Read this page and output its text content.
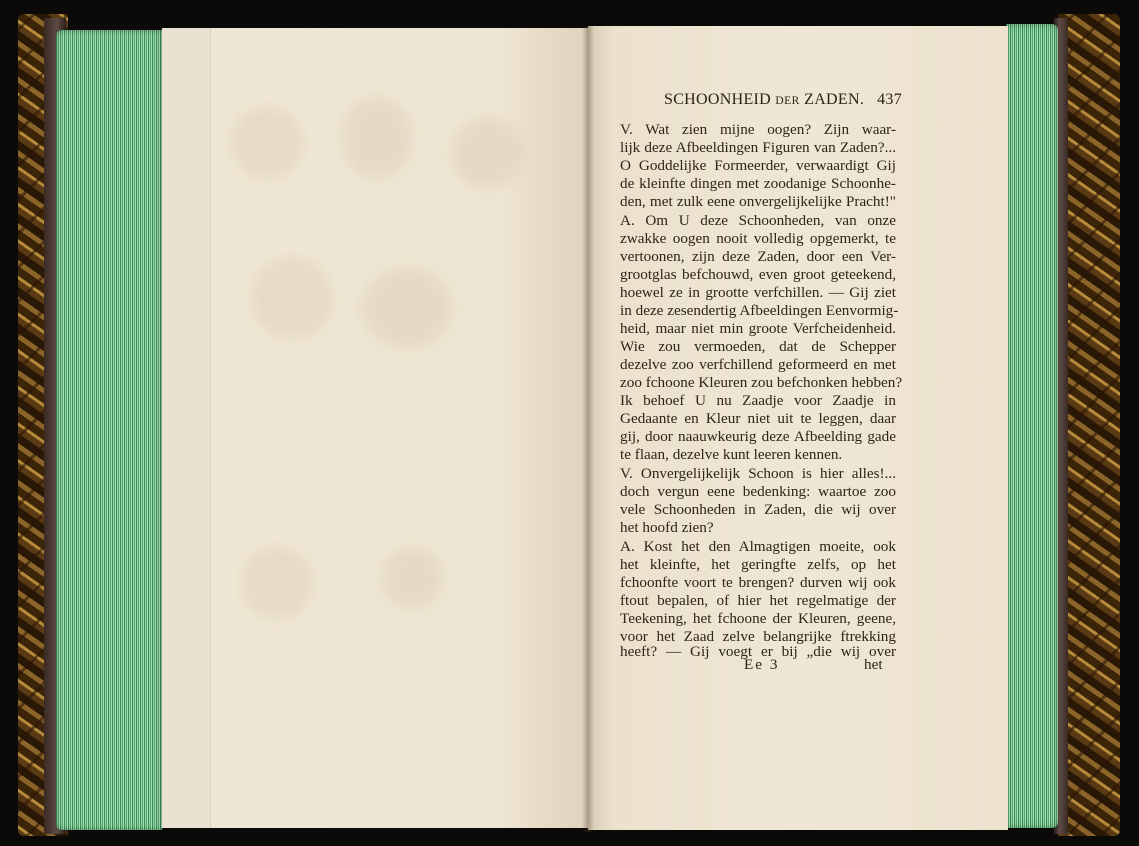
SCHOONHEID DER ZADEN. 437
V. Wat zien mijne oogen? Zijn waar-
lijk deze Afbeeldingen Figuren van Zaden?...
O Goddelijke Formeerder, verwaardigt Gij
de kleinfte dingen met zoodanige Schoonhe-
den, met zulk eene onvergelijkelijke Pracht!"
A. Om U deze Schoonheden, van onze
zwakke oogen nooit volledig opgemerkt, te
vertoonen, zijn deze Zaden, door een Ver-
grootglas befchouwd, even groot geteekend,
hoewel ze in grootte verfchillen. — Gij ziet
in deze zesendertig Afbeeldingen Eenvormig-
heid, maar niet min groote Verfcheidenheid.
Wie zou vermoeden, dat de Schepper
dezelve zoo verfchillend geformeerd en met
zoo fchoone Kleuren zou befchonken hebben?
Ik behoef U nu Zaadje voor Zaadje in
Gedaante en Kleur niet uit te leggen, daar
gij, door naauwkeurig deze Afbeelding gade
te flaan, dezelve kunt leeren kennen.
V. Onvergelijkelijk Schoon is hier alles!...
doch vergun eene bedenking: waartoe zoo
vele Schoonheden in Zaden, die wij over
het hoofd zien?
A. Kost het den Almagtigen moeite, ook
het kleinfte, het geringfte zelfs, op het
fchoonfte voort te brengen? durven wij ook
ftout bepalen, of hier het regelmatige der
Teekening, het fchoone der Kleuren, geene,
voor het Zaad zelve belangrijke ftrekking
heeft? — Gij voegt er bij „die wij over
Ee 3	het
